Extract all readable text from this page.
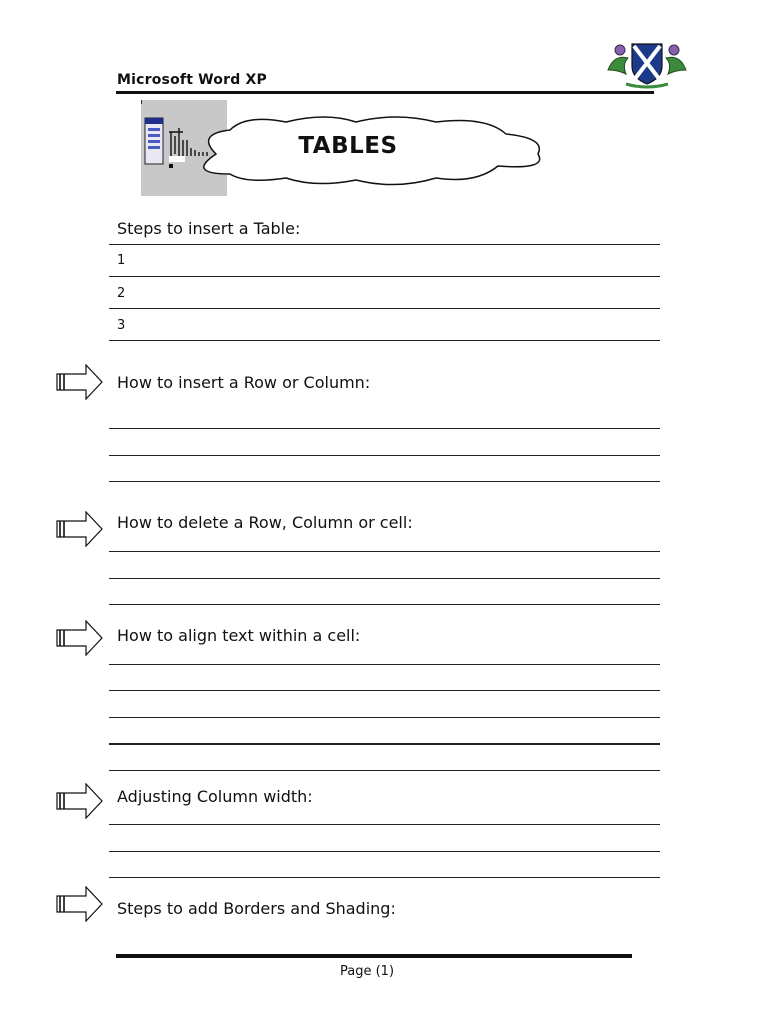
Microsoft Word XP
TABLES
Steps to insert a Table:
1
2
3
How to insert a Row or Column:
How to delete a Row, Column or cell:
How to align text within a cell:
Adjusting Column width:
Steps to add Borders and Shading:
Page (1)
